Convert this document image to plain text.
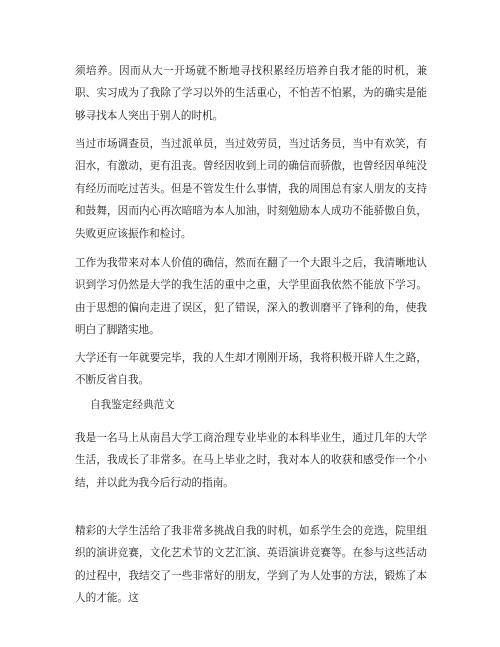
须培养。因而从大一开场就不断地寻找积累经历培养自我才能的时机，兼职、实习成为了我除了学习以外的生活重心，不怕苦不怕累，为的确实是能够寻找本人突出于别人的时机。

当过市场调查员，当过派单员，当过效劳员，当过话务员，当中有欢笑，有泪水，有激动，更有沮丧。曾经因收到上司的确信而骄傲，也曾经因单纯没有经历而吃过苦头。但是不管发生什么事情，我的周围总有家人朋友的支持和鼓舞，因而内心再次暗暗为本人加油，时刻勉励本人成功不能骄傲自负，失败更应该振作和检讨。

工作为我带来对本人价值的确信，然而在翻了一个大跟斗之后，我清晰地认识到学习仍然是大学的我生活的重中之重，大学里面我依然不能放下学习。由于思想的偏向走进了误区，犯了错误，深入的教训磨平了锋利的角，使我明白了脚踏实地。

大学还有一年就要完毕，我的人生却才刚刚开场，我将积极开辟人生之路，不断反省自我。

自我鉴定经典范文

我是一名马上从南昌大学工商治理专业毕业的本科毕业生，通过几年的大学生活，我成长了非常多。在马上毕业之时，我对本人的收获和感受作一个小结，并以此为我今后行动的指南。

精彩的大学生活给了我非常多挑战自我的时机，如系学生会的竞选，院里组织的演讲竞赛，文化艺术节的文艺汇演、英语演讲竞赛等。在参与这些活动的过程中，我结交了一些非常好的朋友，学到了为人处事的方法，锻炼了本人的才能。这
